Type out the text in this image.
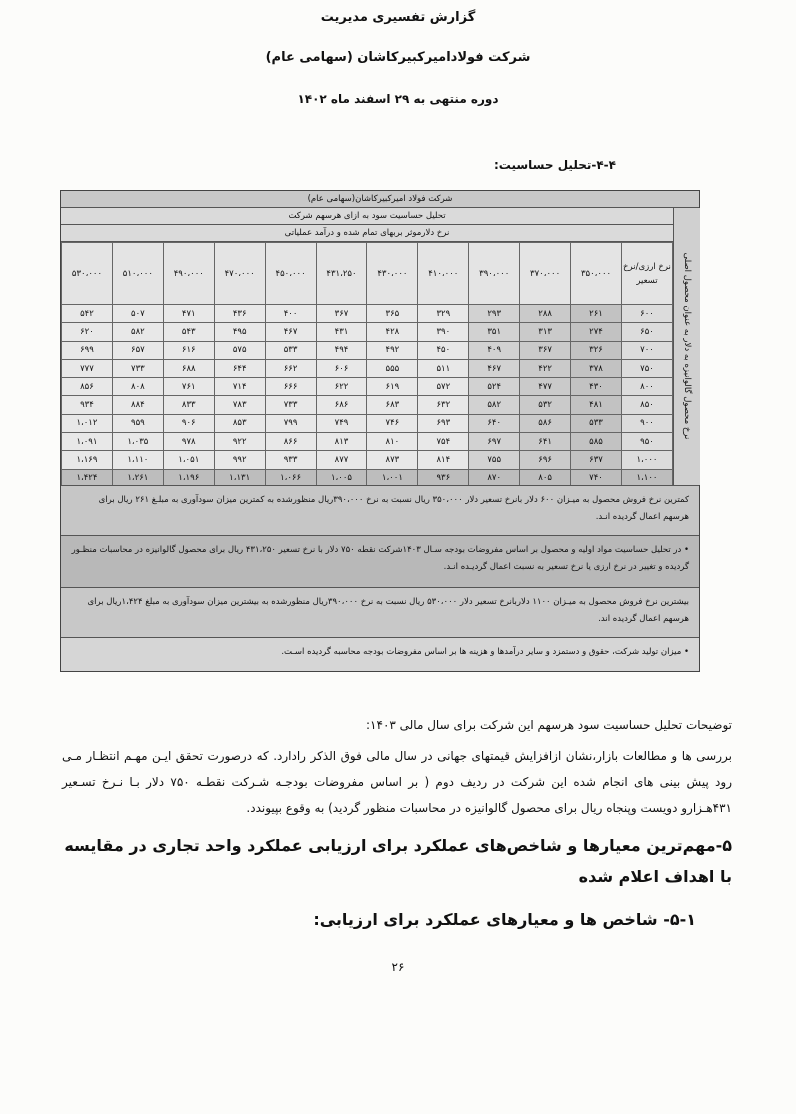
گزارش تفسیری مدیریت
شرکت فولادامیرکبیرکاشان (سهامی عام)
دوره منتهی به ۲۹ اسفند ماه ۱۴۰۲
۴-۴-تحلیل حساسیت:
شرکت فولاد امیرکبیرکاشان(سهامی عام)
تحلیل حساسیت سود به ازای هرسهم شرکت
نرخ دلارموثر بربهای تمام شده و درآمد عملیاتی
نرخ محصول گالوانیزه به دلار به عنوان محصول اصلی
۵۳۰،۰۰۰	۵۱۰،۰۰۰	۴۹۰،۰۰۰	۴۷۰،۰۰۰	۴۵۰،۰۰۰	۴۳۱،۲۵۰	۴۳۰،۰۰۰	۴۱۰،۰۰۰	۳۹۰،۰۰۰	۳۷۰،۰۰۰	۳۵۰،۰۰۰	نرخ ارزی/نرخ تسعیر
۵۴۲	۵۰۷	۴۷۱	۴۳۶	۴۰۰	۳۶۷	۳۶۵	۳۲۹	۲۹۳	۲۸۸	۲۶۱	۶۰۰
۶۲۰	۵۸۲	۵۴۳	۴۹۵	۴۶۷	۴۳۱	۴۲۸	۳۹۰	۳۵۱	۳۱۳	۲۷۴	۶۵۰
۶۹۹	۶۵۷	۶۱۶	۵۷۵	۵۳۳	۴۹۴	۴۹۲	۴۵۰	۴۰۹	۳۶۷	۳۲۶	۷۰۰
۷۷۷	۷۳۳	۶۸۸	۶۴۴	۶۶۲	۶۰۶	۵۵۵	۵۱۱	۴۶۷	۴۲۲	۳۷۸	۷۵۰
۸۵۶	۸۰۸	۷۶۱	۷۱۴	۶۶۶	۶۲۲	۶۱۹	۵۷۲	۵۲۴	۴۷۷	۴۳۰	۸۰۰
۹۳۴	۸۸۴	۸۳۳	۷۸۳	۷۳۳	۶۸۶	۶۸۳	۶۳۲	۵۸۲	۵۳۲	۴۸۱	۸۵۰
۱،۰۱۲	۹۵۹	۹۰۶	۸۵۳	۷۹۹	۷۴۹	۷۴۶	۶۹۳	۶۴۰	۵۸۶	۵۳۳	۹۰۰
۱،۰۹۱	۱،۰۳۵	۹۷۸	۹۲۲	۸۶۶	۸۱۳	۸۱۰	۷۵۴	۶۹۷	۶۴۱	۵۸۵	۹۵۰
۱،۱۶۹	۱،۱۱۰	۱،۰۵۱	۹۹۲	۹۳۳	۸۷۷	۸۷۳	۸۱۴	۷۵۵	۶۹۶	۶۳۷	۱،۰۰۰
۱،۴۲۴	۱،۲۶۱	۱،۱۹۶	۱،۱۳۱	۱،۰۶۶	۱،۰۰۵	۱،۰۰۱	۹۳۶	۸۷۰	۸۰۵	۷۴۰	۱،۱۰۰
کمترین نرخ فروش محصول به میـزان ۶۰۰ دلار بانرخ تسعیر دلار ۳۵۰،۰۰۰ ریال نسبت به نرخ ۳۹۰،۰۰۰ریال منظورشده به کمترین میزان سودآوری به مبلـغ ۲۶۱ ریال برای هرسهم اعمال گردیده انـد.
• در تحلیل حساسیت مواد اولیه و محصول بر اساس مفروضات بودجه سـال ۱۴۰۳شرکت نقطه ۷۵۰ دلار با نرخ تسعیر ۴۳۱،۲۵۰ ریال برای محصول گالوانیزه در محاسبات منظـور گردیده و تغییر در نرخ ارزی یا نرخ تسعیر به نسبت اعمال گردیـده انـد.
بیشترین نرخ فروش محصول به میـزان ۱۱۰۰ دلاربانرخ تسعیر دلار ۵۳۰،۰۰۰ ریال نسبت به نرخ ۳۹۰،۰۰۰ریال منظورشده به بیشترین میزان سودآوری به مبلغ ۱،۴۲۴ریال برای هرسهم اعمال گردیده اند.
• میزان تولید شرکت، حقوق و دستمزد و سایر درآمدها و هزینه ها بر اساس مفروضات بودجه محاسبه گردیده اسـت.
توضیحات تحلیل حساسیت سود هرسهم این شرکت برای سال مالی ۱۴۰۳:
بررسی ها و مطالعات بازار،نشان ازافزایش قیمتهای جهانی در سال مالی فوق الذکر رادارد. که درصورت تحقق ایـن مهـم انتظـار مـی رود پیش بینی های انجام شده این شرکت در ردیف دوم ( بر اساس مفروضات بودجـه شـرکت نقطـه ۷۵۰ دلار بـا نـرخ تسـعیر ۴۳۱هـزارو دویست وپنجاه ریال برای محصول گالوانیزه در محاسبات منظور گردید) به وقوع بپیوندد.
۵-مهم‌ترین معیارها و شاخص‌های عملکرد برای ارزیابی عملکرد واحد تجاری در مقایسه با اهداف اعلام شده
۵-۱- شاخص ها و معیارهای عملکرد برای ارزیابی:
۲۶
